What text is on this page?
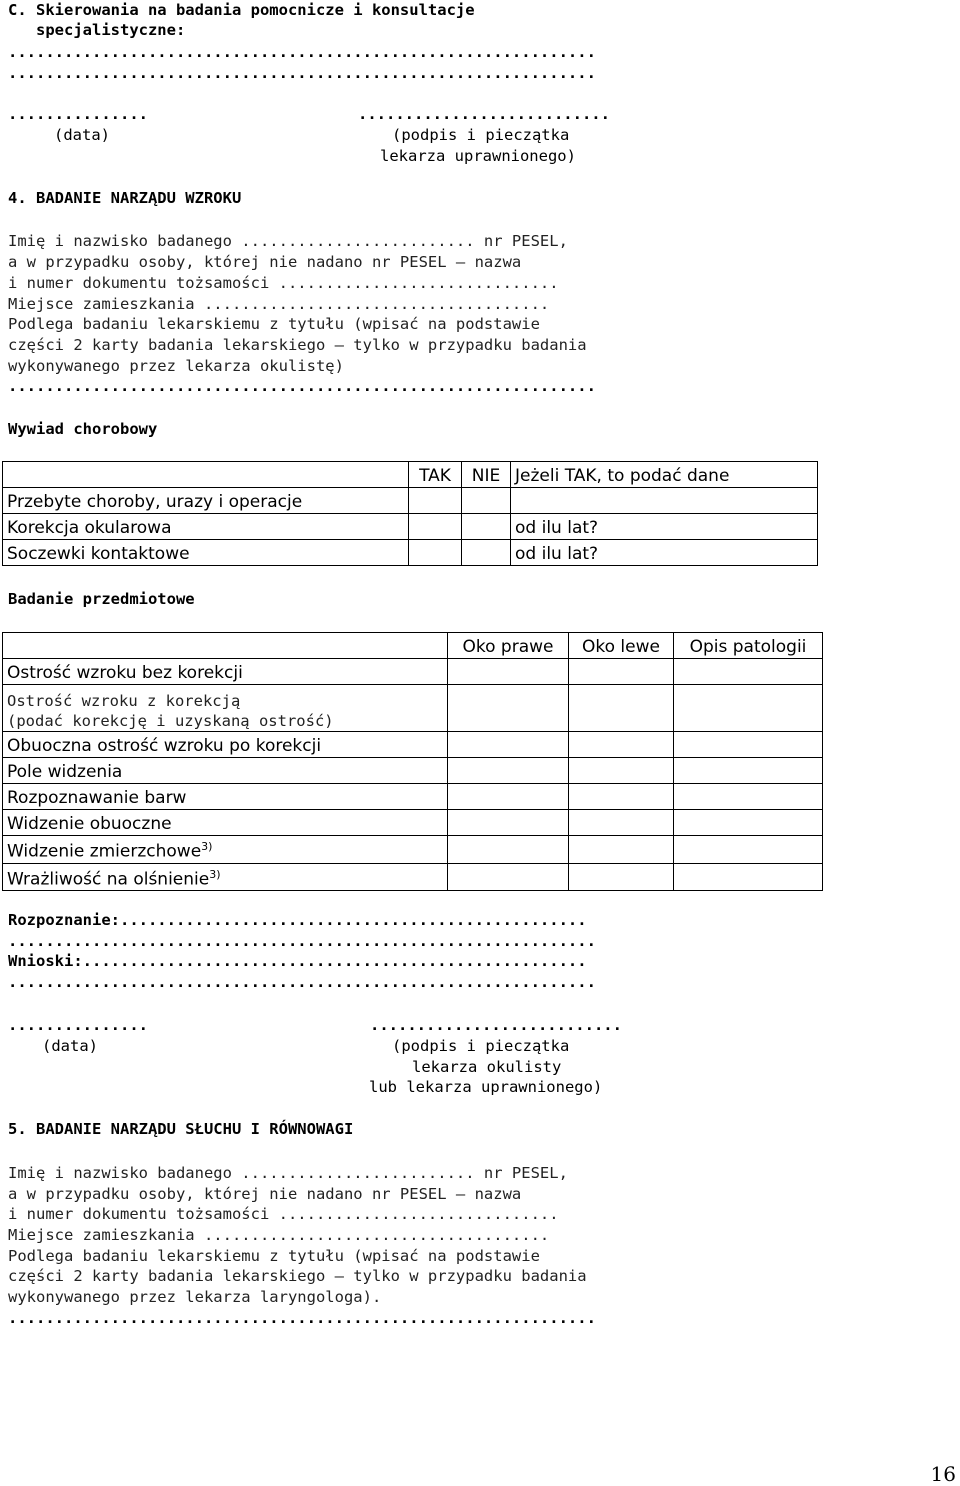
C. Skierowania na badania pomocnicze i konsultacje
specjalistyczne:
...............................................................
...............................................................
...............	...........................
(data)	(podpis i pieczątka
lekarza uprawnionego)
4. BADANIE NARZĄDU WZROKU
Imię i nazwisko badanego ......................... nr PESEL,
a w przypadku osoby, której nie nadano nr PESEL – nazwa
i numer dokumentu tożsamości ..............................
Miejsce zamieszkania .....................................
Podlega badaniu lekarskiemu z tytułu (wpisać na podstawie
części 2 karty badania lekarskiego – tylko w przypadku badania
wykonywanego przez lekarza okulistę)
...............................................................
Wywiad chorobowy
	TAK	NIE	Jeżeli TAK, to podać dane
Przebyte choroby, urazy i operacje			
Korekcja okularowa			od ilu lat?
Soczewki kontaktowe			od ilu lat?
Badanie przedmiotowe
	Oko prawe	Oko lewe	Opis patologii
Ostrość wzroku bez korekcji			

Ostrość wzroku z korekcją
(podać korekcję i uzyskaną ostrość)			

Obuoczna ostrość wzroku po korekcji			
Pole widzenia			
Rozpoznawanie barw			
Widzenie obuoczne			
Widzenie zmierzchowe$^{3)}$			
Wrażliwość na olśnienie$^{3)}$			
Rozpoznanie:..................................................
...............................................................
Wnioski:......................................................
...............................................................
...............	...........................
(data)	(podpis i pieczątka
lekarza okulisty
lub lekarza uprawnionego)
5. BADANIE NARZĄDU SŁUCHU I RÓWNOWAGI
Imię i nazwisko badanego ......................... nr PESEL,
a w przypadku osoby, której nie nadano nr PESEL – nazwa
i numer dokumentu tożsamości ..............................
Miejsce zamieszkania .....................................
Podlega badaniu lekarskiemu z tytułu (wpisać na podstawie
części 2 karty badania lekarskiego – tylko w przypadku badania
wykonywanego przez lekarza laryngologa).
...............................................................
16
